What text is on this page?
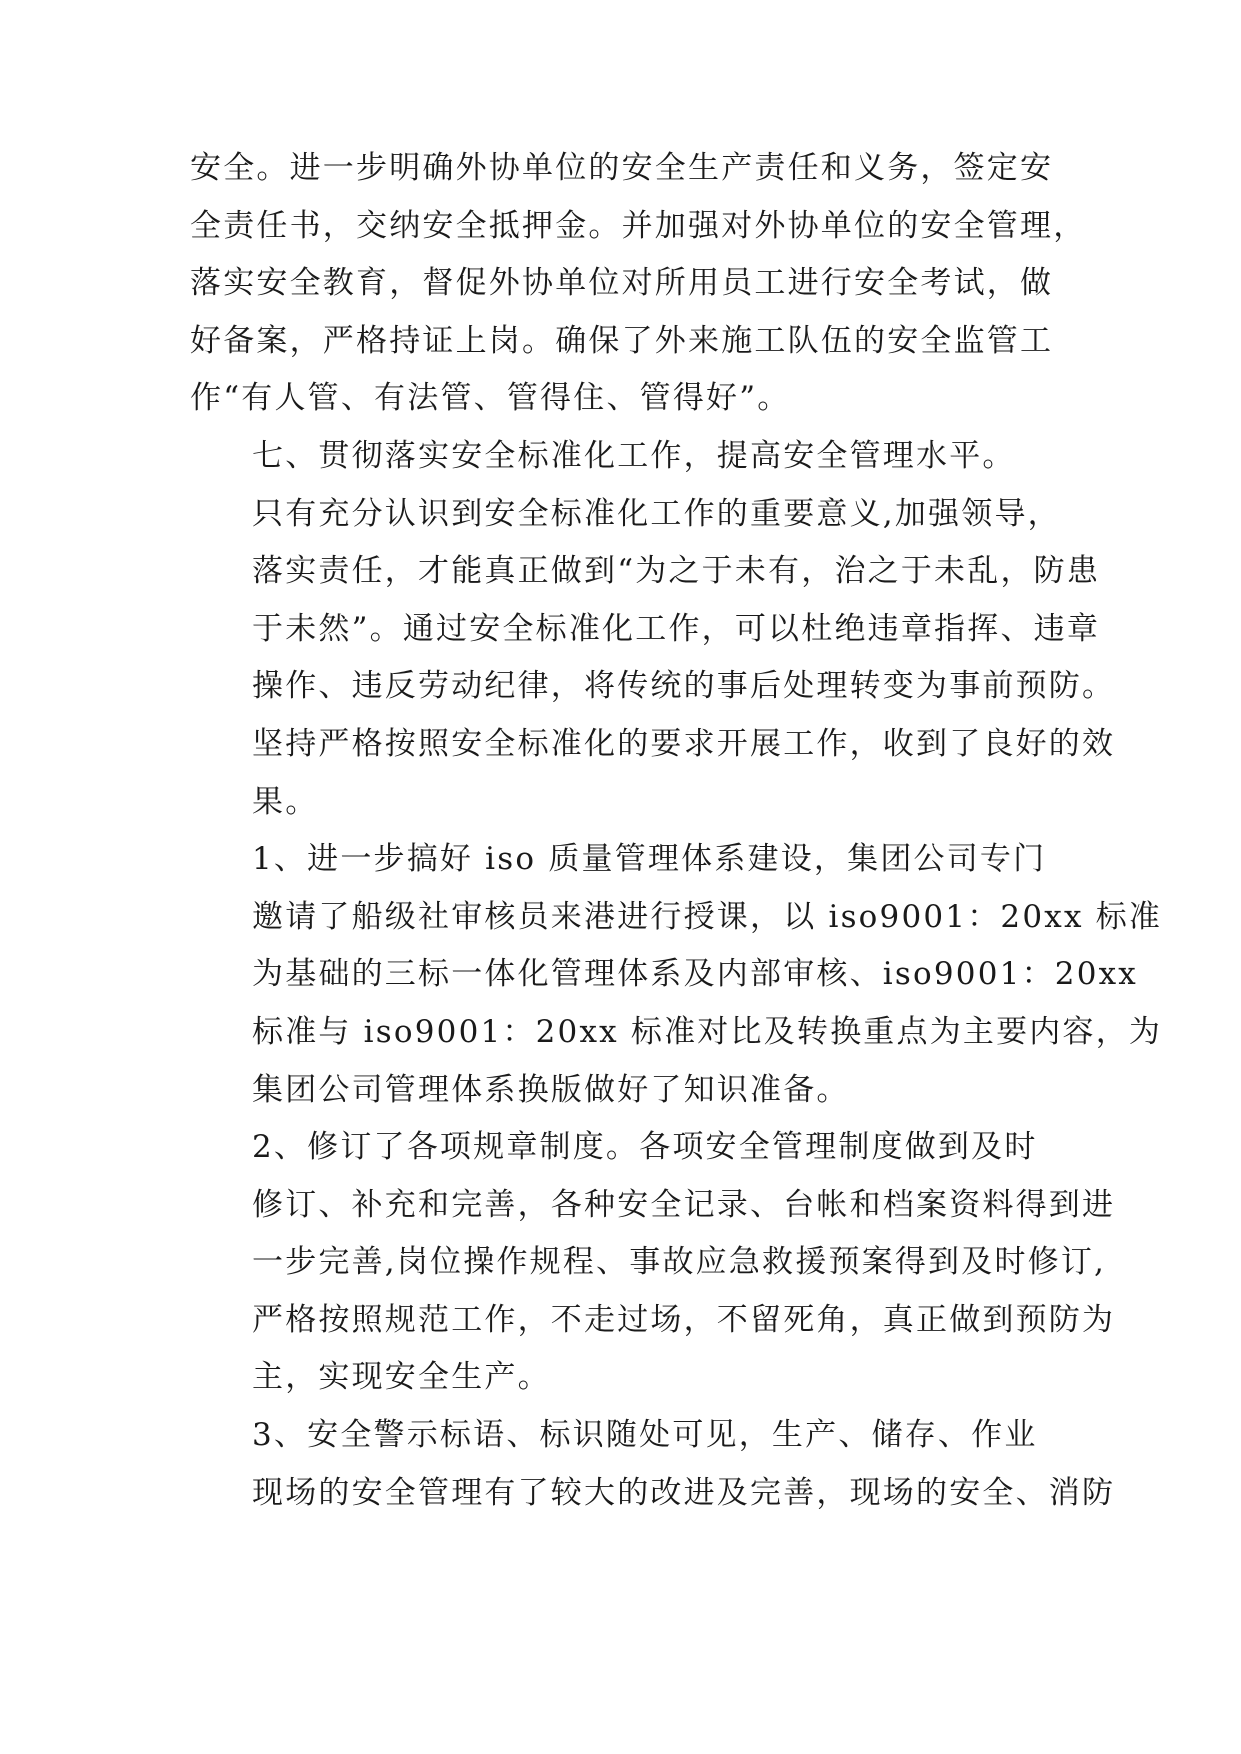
安全。进一步明确外协单位的安全生产责任和义务，签定安
全责任书，交纳安全抵押金。并加强对外协单位的安全管理，
落实安全教育，督促外协单位对所用员工进行安全考试，做
好备案，严格持证上岗。确保了外来施工队伍的安全监管工
作“有人管、有法管、管得住、管得好”。
七、贯彻落实安全标准化工作，提高安全管理水平。
只有充分认识到安全标准化工作的重要意义,加强领导，
落实责任，才能真正做到“为之于未有，治之于未乱，防患
于未然”。通过安全标准化工作，可以杜绝违章指挥、违章
操作、违反劳动纪律，将传统的事后处理转变为事前预防。
坚持严格按照安全标准化的要求开展工作，收到了良好的效
果。
1、进一步搞好 iso 质量管理体系建设，集团公司专门
邀请了船级社审核员来港进行授课，以 iso9001：20xx 标准
为基础的三标一体化管理体系及内部审核、iso9001：20xx
标准与 iso9001：20xx 标准对比及转换重点为主要内容，为
集团公司管理体系换版做好了知识准备。
2、修订了各项规章制度。各项安全管理制度做到及时
修订、补充和完善，各种安全记录、台帐和档案资料得到进
一步完善,岗位操作规程、事故应急救援预案得到及时修订,
严格按照规范工作，不走过场，不留死角，真正做到预防为
主，实现安全生产。
3、安全警示标语、标识随处可见，生产、储存、作业
现场的安全管理有了较大的改进及完善，现场的安全、消防
